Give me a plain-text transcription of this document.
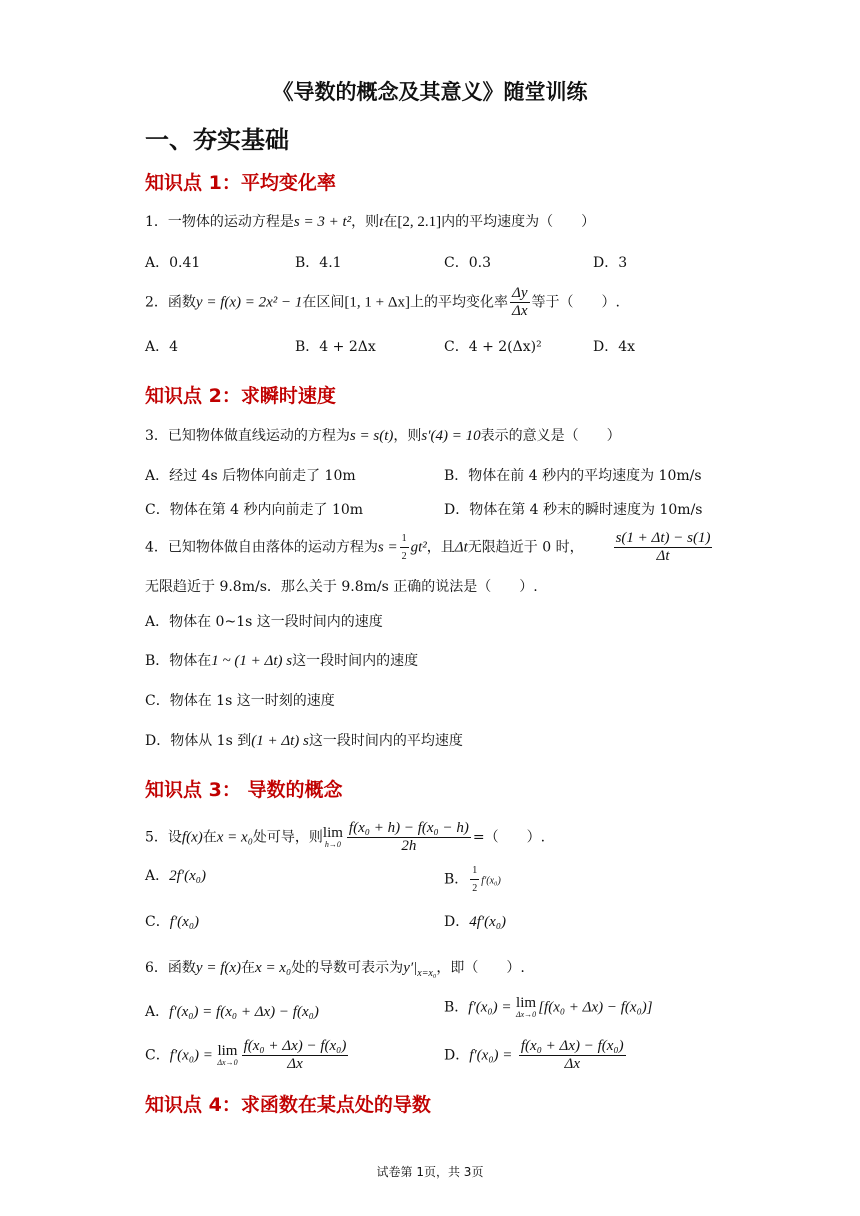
《导数的概念及其意义》随堂训练
一、夯实基础
知识点 1：平均变化率
1．一物体的运动方程是s = 3 + t²，则t在[2, 2.1]内的平均速度为（　　）
A．0.41	B．4.1	C．0.3	D．3
2．函数y = f(x) = 2x² − 1在区间[1, 1 + Δx]上的平均变化率 $\frac{\Delta y}{\Delta x}$ 等于（　　）.
A．4	B．4 + 2Δx	C．4 + 2(Δx)²	D．4x
知识点 2：求瞬时速度
3．已知物体做直线运动的方程为s = s(t)，则s′(4) = 10表示的意义是（　　）
A．经过 4s 后物体向前走了 10m	B．物体在前 4 秒内的平均速度为 10m/s
C．物体在第 4 秒内向前走了 10m	D．物体在第 4 秒末的瞬时速度为 10m/s
4．已知物体做自由落体的运动方程为$s = \frac{1}{2} gt^2$，且Δt无限趋近于 0 时， $\frac{s(1 + \Delta t) - s(1)}{\Delta t}$
无限趋近于 9.8m/s．那么关于 9.8m/s 正确的说法是（　　）.
A．物体在 0~1s 这一段时间内的速度
B．物体在1 ~ (1 + Δt) s这一段时间内的速度
C．物体在 1s 这一时刻的速度
D．物体从 1s 到(1 + Δt) s这一段时间内的平均速度
知识点 3： 导数的概念
5．设f(x)在x = x₀处可导，则 lim
$h\to 0 \frac{\text{f(x₀ + h) − f(x₀ − h)}}{2h}$ =（　　）.
A．2f′(x₀)	B． $\frac{1}{2} f'(x_0)$
C．f′(x₀)	D．4f′(x₀)
6．函数y = f(x)在x = x₀处的导数可表示为$y'|_{x=x_0}$，即（　　）.
A．f′(x₀) = f(x₀ + Δx) − f(x₀)	B．f′(x₀) = lim
Δx→0 [f(x₀ + Δx) − f(x₀)]
C．f′(x₀) = lim
$\Delta x\to 0 \frac{\text{f(x₀ + Δx) − f(x₀)}}{\Delta x}$	D．$f'(x_0) = \frac{\text{f(x₀ + Δx) − f(x₀)}}{\Delta x}$
知识点 4：求函数在某点处的导数
试卷第 1页，共 3页
